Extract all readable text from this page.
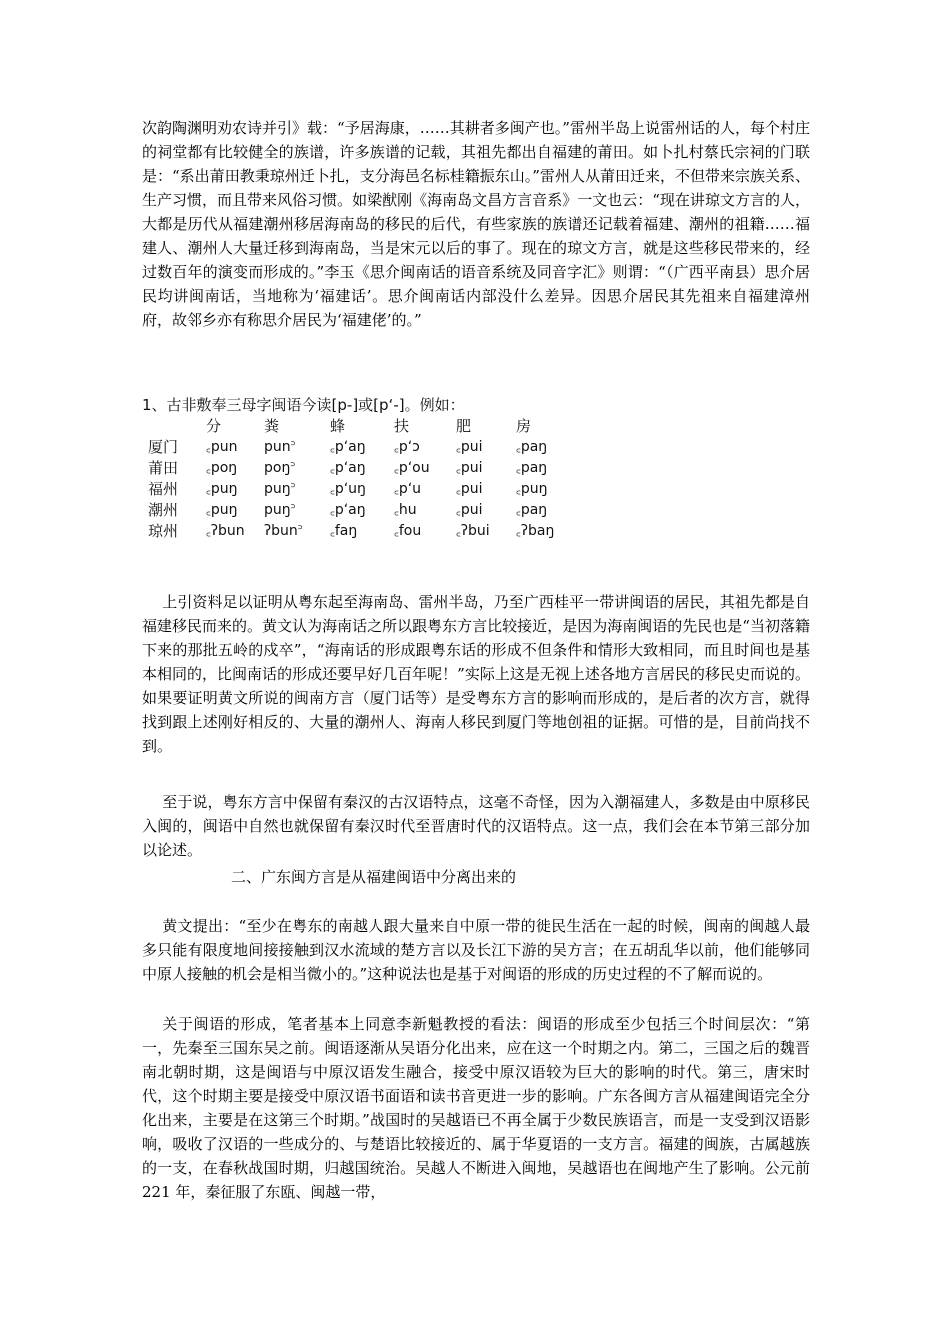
次韵陶渊明劝农诗并引》载：“予居海康，……其耕者多闽产也。”雷州半岛上说雷州话的人，每个村庄的祠堂都有比较健全的族谱，许多族谱的记载，其祖先都出自福建的莆田。如卜扎村蔡氏宗祠的门联是：“系出莆田教秉琼州迁卜扎，支分海邑名标桂籍振东山。”雷州人从莆田迁来，不但带来宗族关系、生产习惯，而且带来风俗习惯。如梁猷刚《海南岛文昌方言音系》一文也云：“现在讲琼文方言的人，大都是历代从福建潮州移居海南岛的移民的后代，有些家族的族谱还记载着福建、潮州的祖籍……福建人、潮州人大量迁移到海南岛，当是宋元以后的事了。现在的琼文方言，就是这些移民带来的，经过数百年的演变而形成的。”李玉《思介闽南话的语音系统及同音字汇》则谓：“（广西平南县）思介居民均讲闽南话，当地称为‘福建话’。思介闽南话内部没什么差异。因思介居民其先祖来自福建漳州府，故邻乡亦有称思介居民为‘福建佬’的。”

1、古非敷奉三母字闽语今读[p-]或[p‘-]。例如：

	分	粪	蜂	扶	肥	房
厦门	꜀pun	pun꜄	꜀p‘aŋ	꜀p‘ɔ	꜀pui	꜀paŋ
莆田	꜀poŋ	poŋ꜄	꜀p‘aŋ	꜀p‘ou	꜀pui	꜀paŋ
福州	꜀puŋ	puŋ꜄	꜀p‘uŋ	꜀p‘u	꜀pui	꜀puŋ
潮州	꜀puŋ	puŋ꜄	꜀p‘aŋ	꜀hu	꜀pui	꜀paŋ
琼州	꜀ʔbun	ʔbun꜄	꜀faŋ	꜀fou	꜀ʔbui	꜀ʔbaŋ

上引资料足以证明从粤东起至海南岛、雷州半岛，乃至广西桂平一带讲闽语的居民，其祖先都是自福建移民而来的。黄文认为海南话之所以跟粤东方言比较接近，是因为海南闽语的先民也是“当初落籍下来的那批五岭的戍卒”，“海南话的形成跟粤东话的形成不但条件和情形大致相同，而且时间也是基本相同的，比闽南话的形成还要早好几百年呢！”实际上这是无视上述各地方言居民的移民史而说的。如果要证明黄文所说的闽南方言（厦门话等）是受粤东方言的影响而形成的，是后者的次方言，就得找到跟上述刚好相反的、大量的潮州人、海南人移民到厦门等地创祖的证据。可惜的是，目前尚找不到。

至于说，粤东方言中保留有秦汉的古汉语特点，这毫不奇怪，因为入潮福建人，多数是由中原移民入闽的，闽语中自然也就保留有秦汉时代至晋唐时代的汉语特点。这一点，我们会在本节第三部分加以论述。

二、广东闽方言是从福建闽语中分离出来的

黄文提出：“至少在粤东的南越人跟大量来自中原一带的徙民生活在一起的时候，闽南的闽越人最多只能有限度地间接接触到汉水流域的楚方言以及长江下游的吴方言；在五胡乱华以前，他们能够同中原人接触的机会是相当微小的。”这种说法也是基于对闽语的形成的历史过程的不了解而说的。

关于闽语的形成，笔者基本上同意李新魁教授的看法：闽语的形成至少包括三个时间层次：“第一，先秦至三国东吴之前。闽语逐渐从吴语分化出来，应在这一个时期之内。第二，三国之后的魏晋南北朝时期，这是闽语与中原汉语发生融合，接受中原汉语较为巨大的影响的时代。第三，唐宋时代，这个时期主要是接受中原汉语书面语和读书音更进一步的影响。广东各闽方言从福建闽语完全分化出来，主要是在这第三个时期。”战国时的吴越语已不再全属于少数民族语言，而是一支受到汉语影响，吸收了汉语的一些成分的、与楚语比较接近的、属于华夏语的一支方言。福建的闽族，古属越族的一支，在春秋战国时期，归越国统治。吴越人不断进入闽地，吴越语也在闽地产生了影响。公元前 221 年，秦征服了东瓯、闽越一带，
